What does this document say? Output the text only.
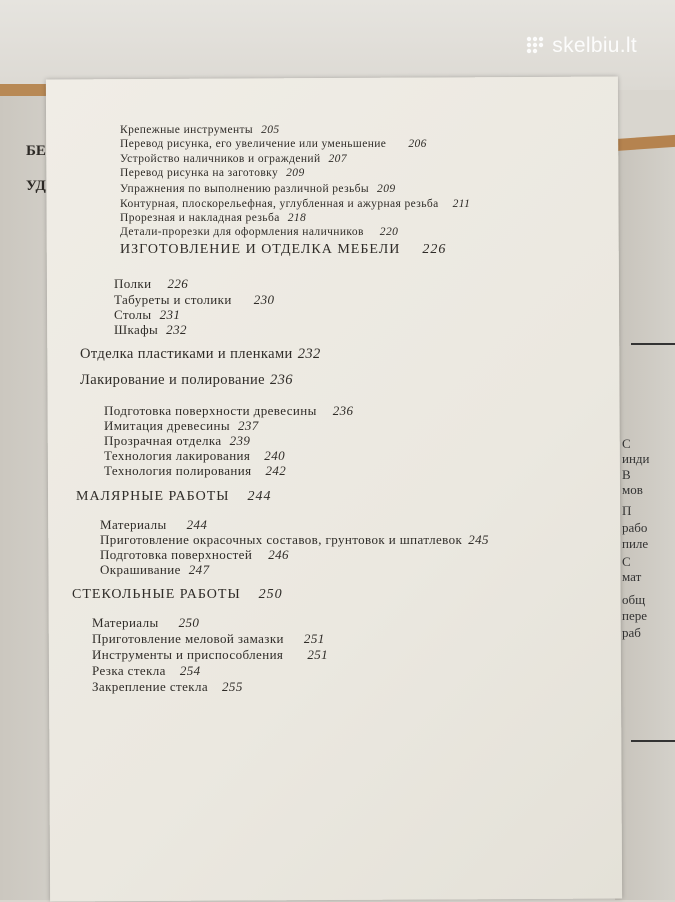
skelbiu.lt
БЕ
УД
С
инди
В
мов
П
рабо
пиле
С
мат
общ
пере
раб
Крепежные инструменты 205
Перевод рисунка, его увеличение или уменьшение 206
Устройство наличников и ограждений 207
Перевод рисунка на заготовку 209
Упражнения по выполнению различной резьбы 209
Контурная, плоскорельефная, углубленная и ажурная резьба 211
Прорезная и накладная резьба 218
Детали-прорезки для оформления наличников 220
ИЗГОТОВЛЕНИЕ И ОТДЕЛКА МЕБЕЛИ 226
Полки 226
Табуреты и столики 230
Столы 231
Шкафы 232
Отделка пластиками и пленками 232
Лакирование и полирование 236
Подготовка поверхности древесины 236
Имитация древесины 237
Прозрачная отделка 239
Технология лакирования 240
Технология полирования 242
МАЛЯРНЫЕ РАБОТЫ 244
Материалы 244
Приготовление окрасочных составов, грунтовок и шпатлевок 245
Подготовка поверхностей 246
Окрашивание 247
СТЕКОЛЬНЫЕ РАБОТЫ 250
Материалы 250
Приготовление меловой замазки 251
Инструменты и приспособления 251
Резка стекла 254
Закрепление стекла 255
